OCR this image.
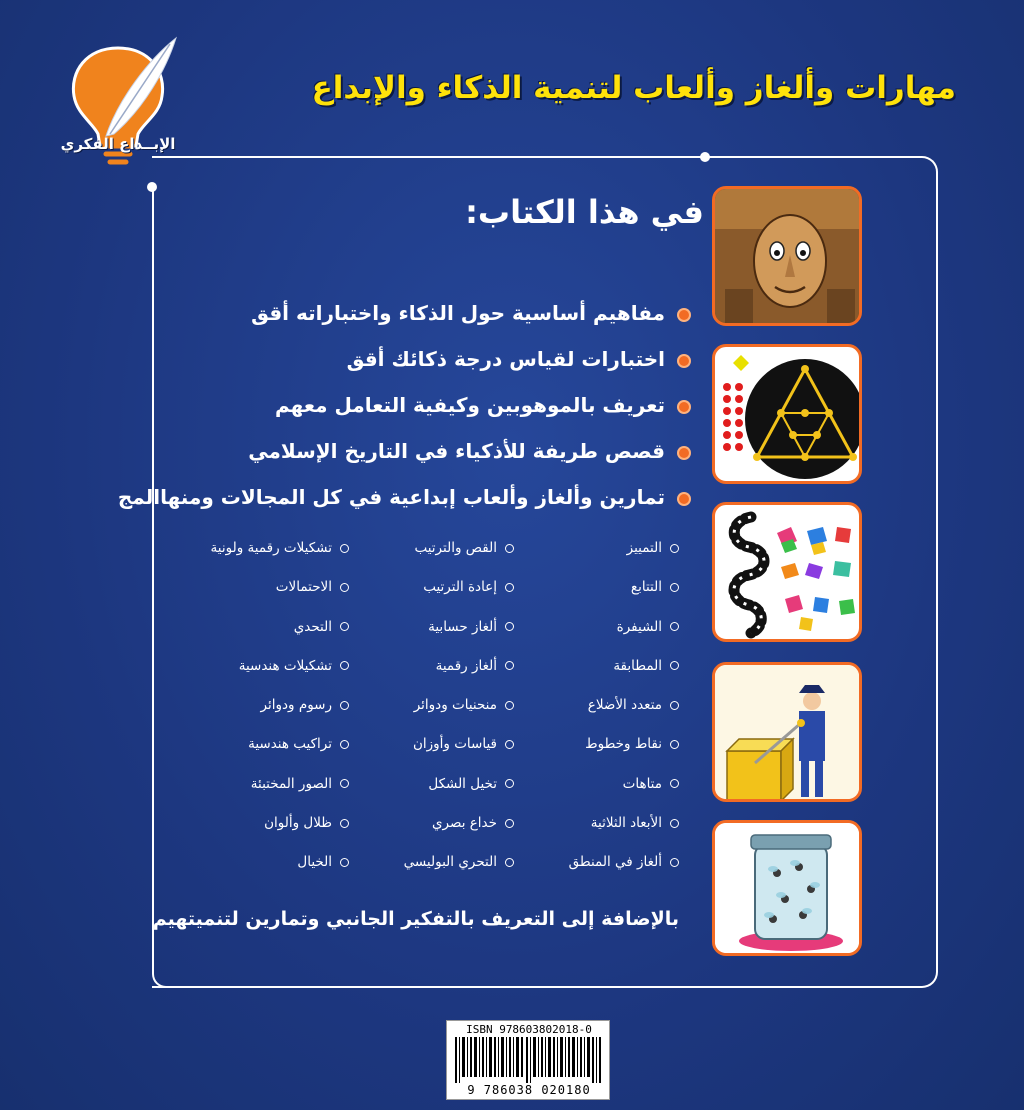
الإبــداع الفكري
مهارات وألغاز وألعاب لتنمية الذكاء والإبداع
في هذا الكتاب:
مفاهيم أساسية حول الذكاء واختباراته أقق
اختبارات لقياس درجة ذكائك أقق
تعريف بالموهوبين وكيفية التعامل معهم
قصص طريفة للأذكياء في التاريخ الإسلامي
تمارين وألغاز وألعاب إبداعية في كل المجالات ومنهاالمج
التمييز
القص والترتيب
تشكيلات رقمية ولونية
التتابع
إعادة الترتيب
الاحتمالات
الشيفرة
ألغاز حسابية
التحدي
المطابقة
ألغاز رقمية
تشكيلات هندسية
متعدد الأضلاع
منحنيات ودوائر
رسوم ودوائر
نقاط وخطوط
قياسات وأوزان
تراكيب هندسية
متاهات
تخيل الشكل
الصور المختبئة
الأبعاد الثلاثية
خداع بصري
ظلال وألوان
ألغاز في المنطق
التحري البوليسي
الخيال
بالإضافة إلى التعريف بالتفكير الجانبي وتمارين لتنميتهيم
ISBN 978603802018-0
9 786038 020180
